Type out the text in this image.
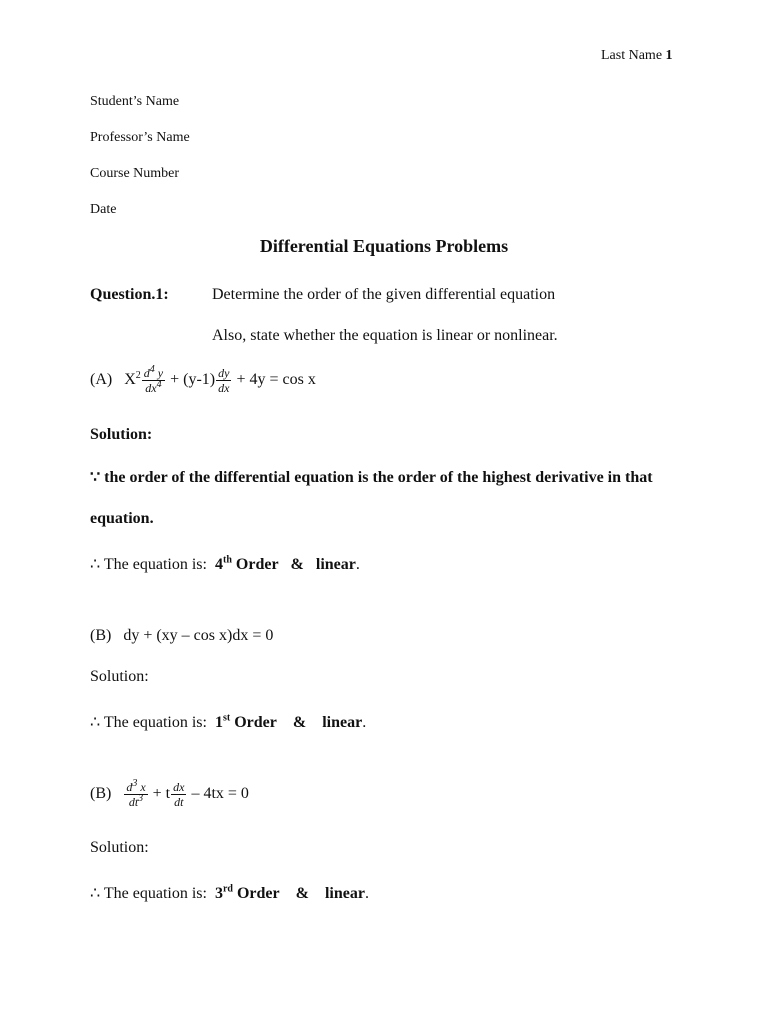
Last Name 1
Student’s Name
Professor’s Name
Course Number
Date
Differential Equations Problems
Question.1:	Determine the order of the given differential equation
Also, state whether the equation is linear or nonlinear.
(A) $X^2 \frac{d^4 y}{dx^4} + (y-1) \frac{dy}{dx} + 4y = \cos x$
Solution:
∵ the order of the differential equation is the order of the highest derivative in that
equation.
∴ The equation is: 4th Order & linear.
(B) dy + (xy – cos x)dx = 0
Solution:
∴ The equation is: 1st Order & linear.
$(B) \frac{d^3 x}{dt^3} + t \frac{dx}{dt} - 4tx = 0$
Solution:
∴ The equation is: 3rd Order & linear.
